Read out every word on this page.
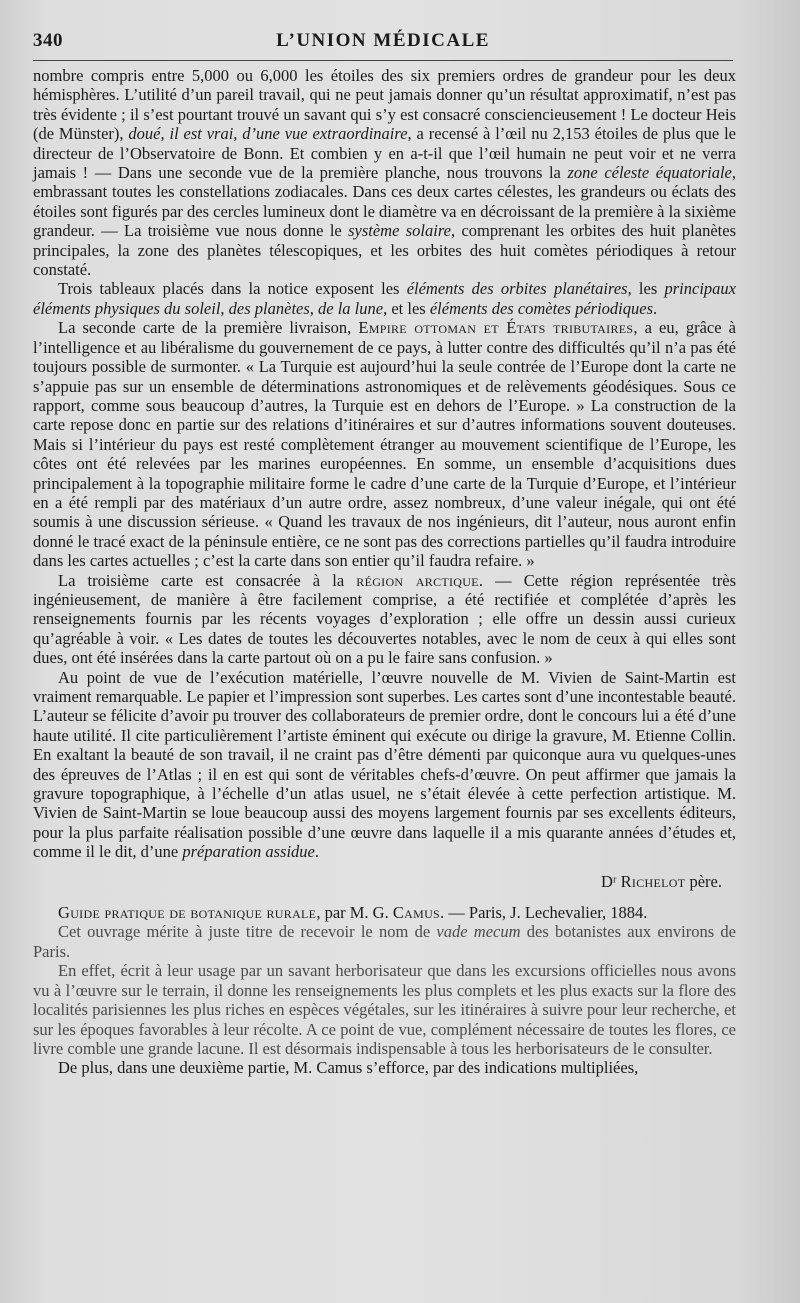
340	L’UNION MÉDICALE

nombre compris entre 5,000 ou 6,000 les étoiles des six premiers ordres de grandeur pour les deux hémisphères. L’utilité d’un pareil travail, qui ne peut jamais donner qu’un résultat approximatif, n’est pas très évidente ; il s’est pourtant trouvé un savant qui s’y est consacré consciencieusement ! Le docteur Heis (de Münster), doué, il est vrai, d’une vue extraordinaire, a recensé à l’œil nu 2,153 étoiles de plus que le directeur de l’Observatoire de Bonn. Et combien y en a-t-il que l’œil humain ne peut voir et ne verra jamais ! — Dans une seconde vue de la première planche, nous trouvons la zone céleste équatoriale, embrassant toutes les constellations zodiacales. Dans ces deux cartes célestes, les grandeurs ou éclats des étoiles sont figurés par des cercles lumineux dont le diamètre va en décroissant de la première à la sixième grandeur. — La troisième vue nous donne le système solaire, comprenant les orbites des huit planètes principales, la zone des planètes télescopiques, et les orbites des huit comètes périodiques à retour constaté.

Trois tableaux placés dans la notice exposent les éléments des orbites planétaires, les principaux éléments physiques du soleil, des planètes, de la lune, et les éléments des comètes périodiques.

La seconde carte de la première livraison, Empire ottoman et États tributaires, a eu, grâce à l’intelligence et au libéralisme du gouvernement de ce pays, à lutter contre des difficultés qu’il n’a pas été toujours possible de surmonter. « La Turquie est aujourd’hui la seule contrée de l’Europe dont la carte ne s’appuie pas sur un ensemble de déterminations astronomiques et de relèvements géodésiques. Sous ce rapport, comme sous beaucoup d’autres, la Turquie est en dehors de l’Europe. » La construction de la carte repose donc en partie sur des relations d’itinéraires et sur d’autres informations souvent douteuses. Mais si l’intérieur du pays est resté complètement étranger au mouvement scientifique de l’Europe, les côtes ont été relevées par les marines européennes. En somme, un ensemble d’acquisitions dues principalement à la topographie militaire forme le cadre d’une carte de la Turquie d’Europe, et l’intérieur en a été rempli par des matériaux d’un autre ordre, assez nombreux, d’une valeur inégale, qui ont été soumis à une discussion sérieuse. « Quand les travaux de nos ingénieurs, dit l’auteur, nous auront enfin donné le tracé exact de la péninsule entière, ce ne sont pas des corrections partielles qu’il faudra introduire dans les cartes actuelles ; c’est la carte dans son entier qu’il faudra refaire. »

La troisième carte est consacrée à la région arctique. — Cette région représentée très ingénieusement, de manière à être facilement comprise, a été rectifiée et complétée d’après les renseignements fournis par les récents voyages d’exploration ; elle offre un dessin aussi curieux qu’agréable à voir. « Les dates de toutes les découvertes notables, avec le nom de ceux à qui elles sont dues, ont été insérées dans la carte partout où on a pu le faire sans confusion. »

Au point de vue de l’exécution matérielle, l’œuvre nouvelle de M. Vivien de Saint-Martin est vraiment remarquable. Le papier et l’impression sont superbes. Les cartes sont d’une incontestable beauté. L’auteur se félicite d’avoir pu trouver des collaborateurs de premier ordre, dont le concours lui a été d’une haute utilité. Il cite particulièrement l’artiste éminent qui exécute ou dirige la gravure, M. Etienne Collin. En exaltant la beauté de son travail, il ne craint pas d’être démenti par quiconque aura vu quelques-unes des épreuves de l’Atlas ; il en est qui sont de véritables chefs-d’œuvre. On peut affirmer que jamais la gravure topographique, à l’échelle d’un atlas usuel, ne s’était élevée à cette perfection artistique. M. Vivien de Saint-Martin se loue beaucoup aussi des moyens largement fournis par ses excellents éditeurs, pour la plus parfaite réalisation possible d’une œuvre dans laquelle il a mis quarante années d’études et, comme il le dit, d’une préparation assidue.

Dʳ Richelot père.

Guide pratique de botanique rurale, par M. G. Camus. — Paris, J. Lechevalier, 1884.

Cet ouvrage mérite à juste titre de recevoir le nom de vade mecum des botanistes aux environs de Paris.

En effet, écrit à leur usage par un savant herborisateur que dans les excursions officielles nous avons vu à l’œuvre sur le terrain, il donne les renseignements les plus complets et les plus exacts sur la flore des localités parisiennes les plus riches en espèces végétales, sur les itinéraires à suivre pour leur recherche, et sur les époques favorables à leur récolte. A ce point de vue, complément nécessaire de toutes les flores, ce livre comble une grande lacune. Il est désormais indispensable à tous les herborisateurs de le consulter.

De plus, dans une deuxième partie, M. Camus s’efforce, par des indications multipliées,
